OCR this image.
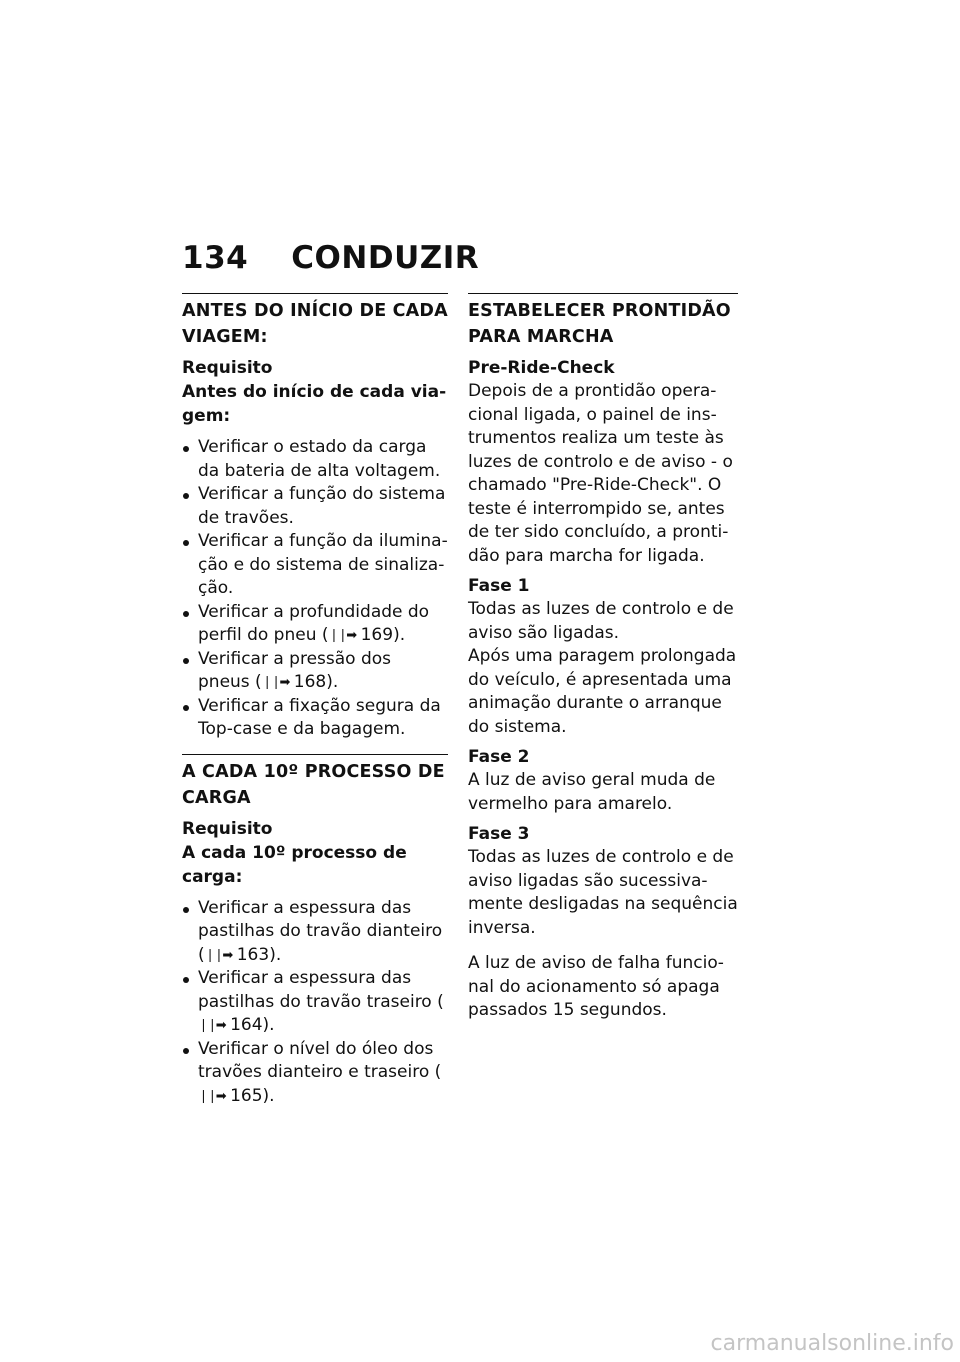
134 CONDUZIR
ANTES DO INÍCIO DE CADA VIAGEM:
Requisito
Antes do início de cada viagem:
Verificar o estado da carga da bateria de alta voltagem.
Verificar a função do sistema de travões.
Verificar a função da iluminação e do sistema de sinalização.
Verificar a profundidade do perfil do pneu (❘❘➡ 169).
Verificar a pressão dos pneus (❘❘➡ 168).
Verificar a fixação segura da Top-case e da bagagem.
A CADA 10º PROCESSO DE CARGA
Requisito
A cada 10º processo de carga:
Verificar a espessura das pastilhas do travão dianteiro (❘❘➡ 163).
Verificar a espessura das pastilhas do travão traseiro (❘❘➡ 164).
Verificar o nível do óleo dos travões dianteiro e traseiro (❘❘➡ 165).
ESTABELECER PRONTIDÃO PARA MARCHA
Pre-Ride-Check
Depois de a prontidão operacional ligada, o painel de instrumentos realiza um teste às luzes de controlo e de aviso - o chamado "Pre-Ride-Check". O teste é interrompido se, antes de ter sido concluído, a prontidão para marcha for ligada.
Fase 1
Todas as luzes de controlo e de aviso são ligadas.
Após uma paragem prolongada do veículo, é apresentada uma animação durante o arranque do sistema.
Fase 2
A luz de aviso geral muda de vermelho para amarelo.
Fase 3
Todas as luzes de controlo e de aviso ligadas são sucessivamente desligadas na sequência inversa.
A luz de aviso de falha funcional do acionamento só apaga passados 15 segundos.
carmanualsonline.info
